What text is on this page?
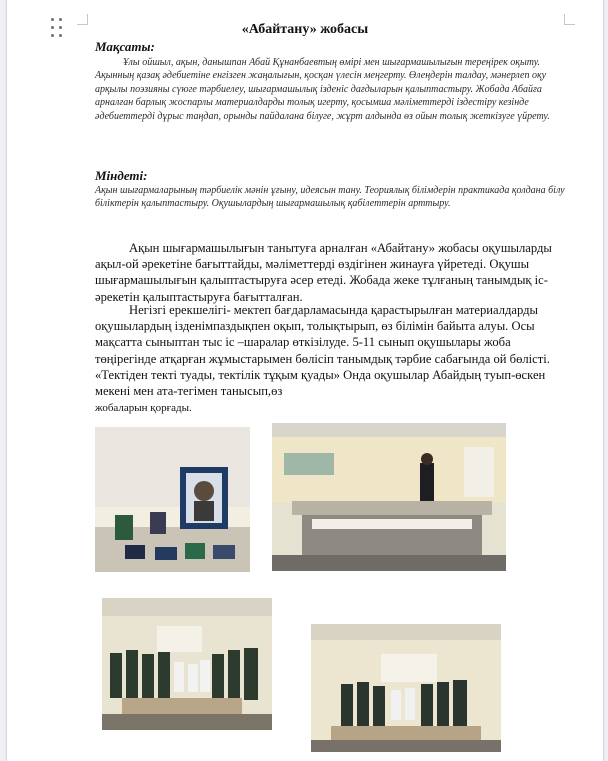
«Абайтану» жобасы
Мақсаты:
Ұлы ойшыл, ақын, данышпан Абай Құнанбаевтың өмірі мен шығармашылығын тереңірек оқыту. Ақынның қазақ әдебиетіне енгізген жаңалығын, қосқан үлесін меңгерту. Өлеңдерін талдау, мәнерлеп оқу арқылы поэзияны сүюге тәрбиелеу, шығармашылық ізденіс дағдыларын қалыптастыру. Жобада Абайға арналған барлық жоспарлы материалдарды толық игерту, қосымша мәліметтерді іздестіру кезінде әдебиеттерді дұрыс таңдап, орынды пайдалана білуге, жұрт алдында өз ойын толық жеткізуге үйрету.
Міндеті:
Ақын шығармаларының тәрбиелік мәнін ұғыну, идеясын тану. Теориялық білімдерін практикада қолдана білу біліктерін қалыптастыру. Оқушылардың шығармашылық қабілеттерін арттыру.
Ақын шығармашылығын танытуға арналған «Абайтану» жобасы оқушыларды ақыл-ой әрекетіне бағыттайды, мәліметтерді өздігінен жинауға үйретеді. Оқушы шығармашылығын қалыптастыруға әсер етеді. Жобада жеке тұлғаның танымдық іс-әрекетін қалыптастыруға бағытталған.
Негізгі ерекшелігі- мектеп бағдарламасында қарастырылған материалдарды оқушылардың ізденімпаздықпен оқып, толықтырып, өз білімін байыта алуы. Осы мақсатта сыныптан тыс іс –шаралар өткізілуде. 5-11 сынып оқушылары жоба төңірегінде атқарған жұмыстарымен бөлісіп танымдық тәрбие сабағында ой бөлісті. «Тектіден текті туады, тектілік тұқым қуады» Онда оқушылар Абайдың туып-өскен мекені мен ата-тегімен танысып,өз
жобаларын қорғады.
